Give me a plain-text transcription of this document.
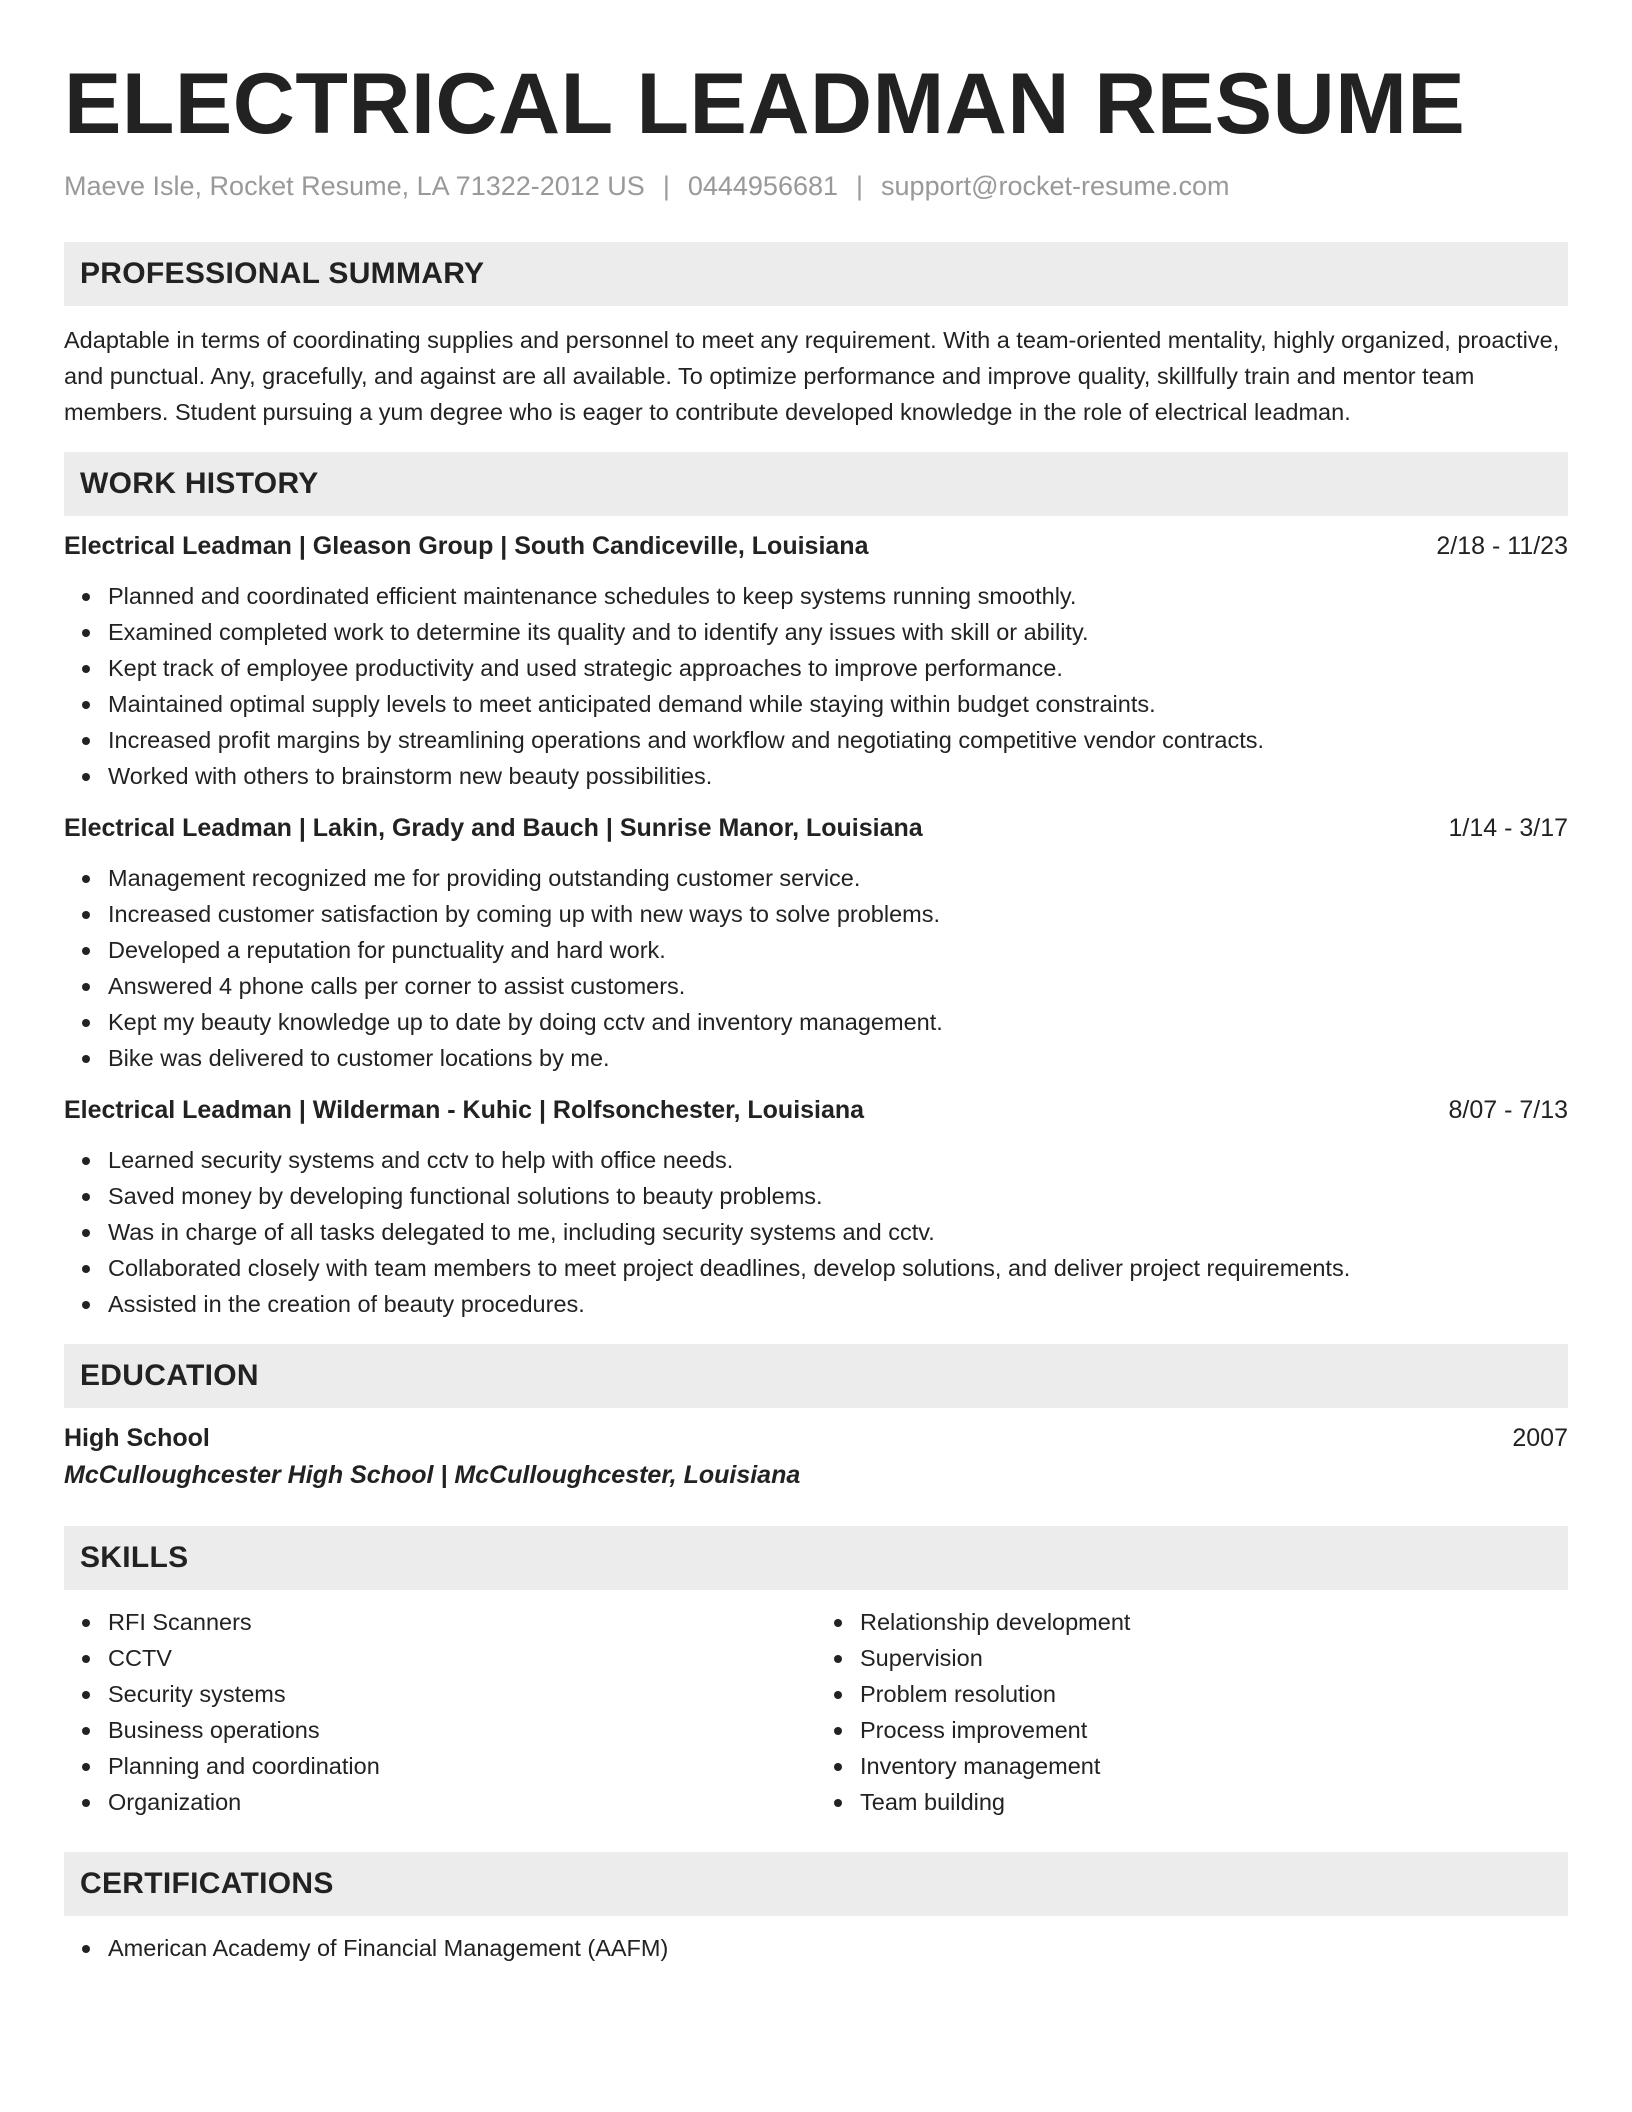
ELECTRICAL LEADMAN RESUME
Maeve Isle, Rocket Resume, LA 71322-2012 US | 0444956681 | support@rocket-resume.com
PROFESSIONAL SUMMARY

Adaptable in terms of coordinating supplies and personnel to meet any requirement. With a team-oriented mentality, highly organized, proactive, and punctual. Any, gracefully, and against are all available. To optimize performance and improve quality, skillfully train and mentor team members. Student pursuing a yum degree who is eager to contribute developed knowledge in the role of electrical leadman.

WORK HISTORY
Electrical Leadman | Gleason Group | South Candiceville, Louisiana	2/18 - 11/23
Planned and coordinated efficient maintenance schedules to keep systems running smoothly.
Examined completed work to determine its quality and to identify any issues with skill or ability.
Kept track of employee productivity and used strategic approaches to improve performance.
Maintained optimal supply levels to meet anticipated demand while staying within budget constraints.
Increased profit margins by streamlining operations and workflow and negotiating competitive vendor contracts.
Worked with others to brainstorm new beauty possibilities.
Electrical Leadman | Lakin, Grady and Bauch | Sunrise Manor, Louisiana	1/14 - 3/17
Management recognized me for providing outstanding customer service.
Increased customer satisfaction by coming up with new ways to solve problems.
Developed a reputation for punctuality and hard work.
Answered 4 phone calls per corner to assist customers.
Kept my beauty knowledge up to date by doing cctv and inventory management.
Bike was delivered to customer locations by me.
Electrical Leadman | Wilderman - Kuhic | Rolfsonchester, Louisiana	8/07 - 7/13
Learned security systems and cctv to help with office needs.
Saved money by developing functional solutions to beauty problems.
Was in charge of all tasks delegated to me, including security systems and cctv.
Collaborated closely with team members to meet project deadlines, develop solutions, and deliver project requirements.
Assisted in the creation of beauty procedures.
EDUCATION
High School	2007
McCulloughcester High School | McCulloughcester, Louisiana
SKILLS
RFI Scanners
CCTV
Security systems
Business operations
Planning and coordination
Organization
Relationship development
Supervision
Problem resolution
Process improvement
Inventory management
Team building
CERTIFICATIONS
American Academy of Financial Management (AAFM)
